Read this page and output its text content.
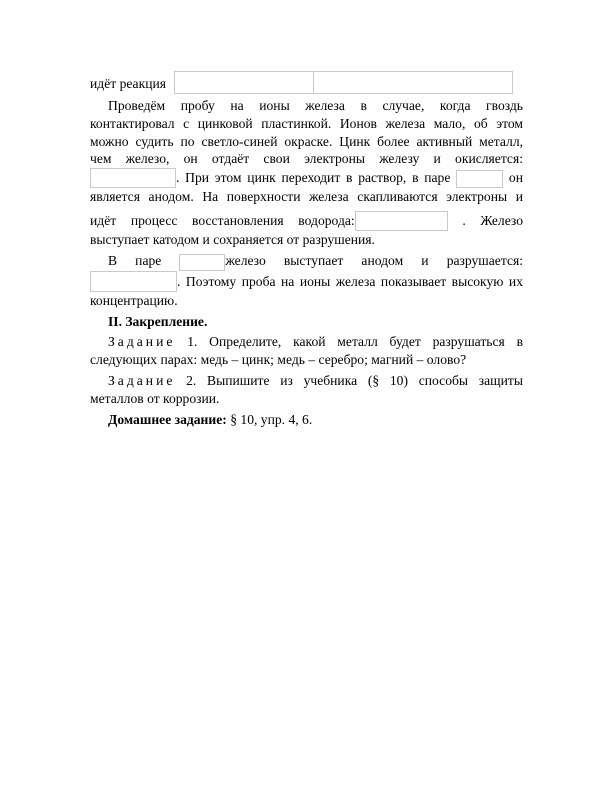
идёт реакция

Проведём пробу на ионы железа в случае, когда гвоздь

контактировал с цинковой пластинкой. Ионов железа мало, об этом

можно судить по светло-синей окраске. Цинк более активный металл,

чем железо, он отдаёт свои электроны железу и окисляется:

. При этом цинк переходит в раствор, в паре	он

является анодом. На поверхности железа скапливаются электроны и

идёт процесс восстановления водорода:	. Железо

выступает катодом и сохраняется от разрушения.

В паре	железо выступает анодом и разрушается:

. Поэтому проба на ионы железа показывает высокую их

концентрацию.

II. Закрепление.

Задание 1. Определите, какой металл будет разрушаться в

следующих парах: медь – цинк; медь – серебро; магний – олово?

Задание 2. Выпишите из учебника (§ 10) способы защиты

металлов от коррозии.

Домашнее задание: § 10, упр. 4, 6.
